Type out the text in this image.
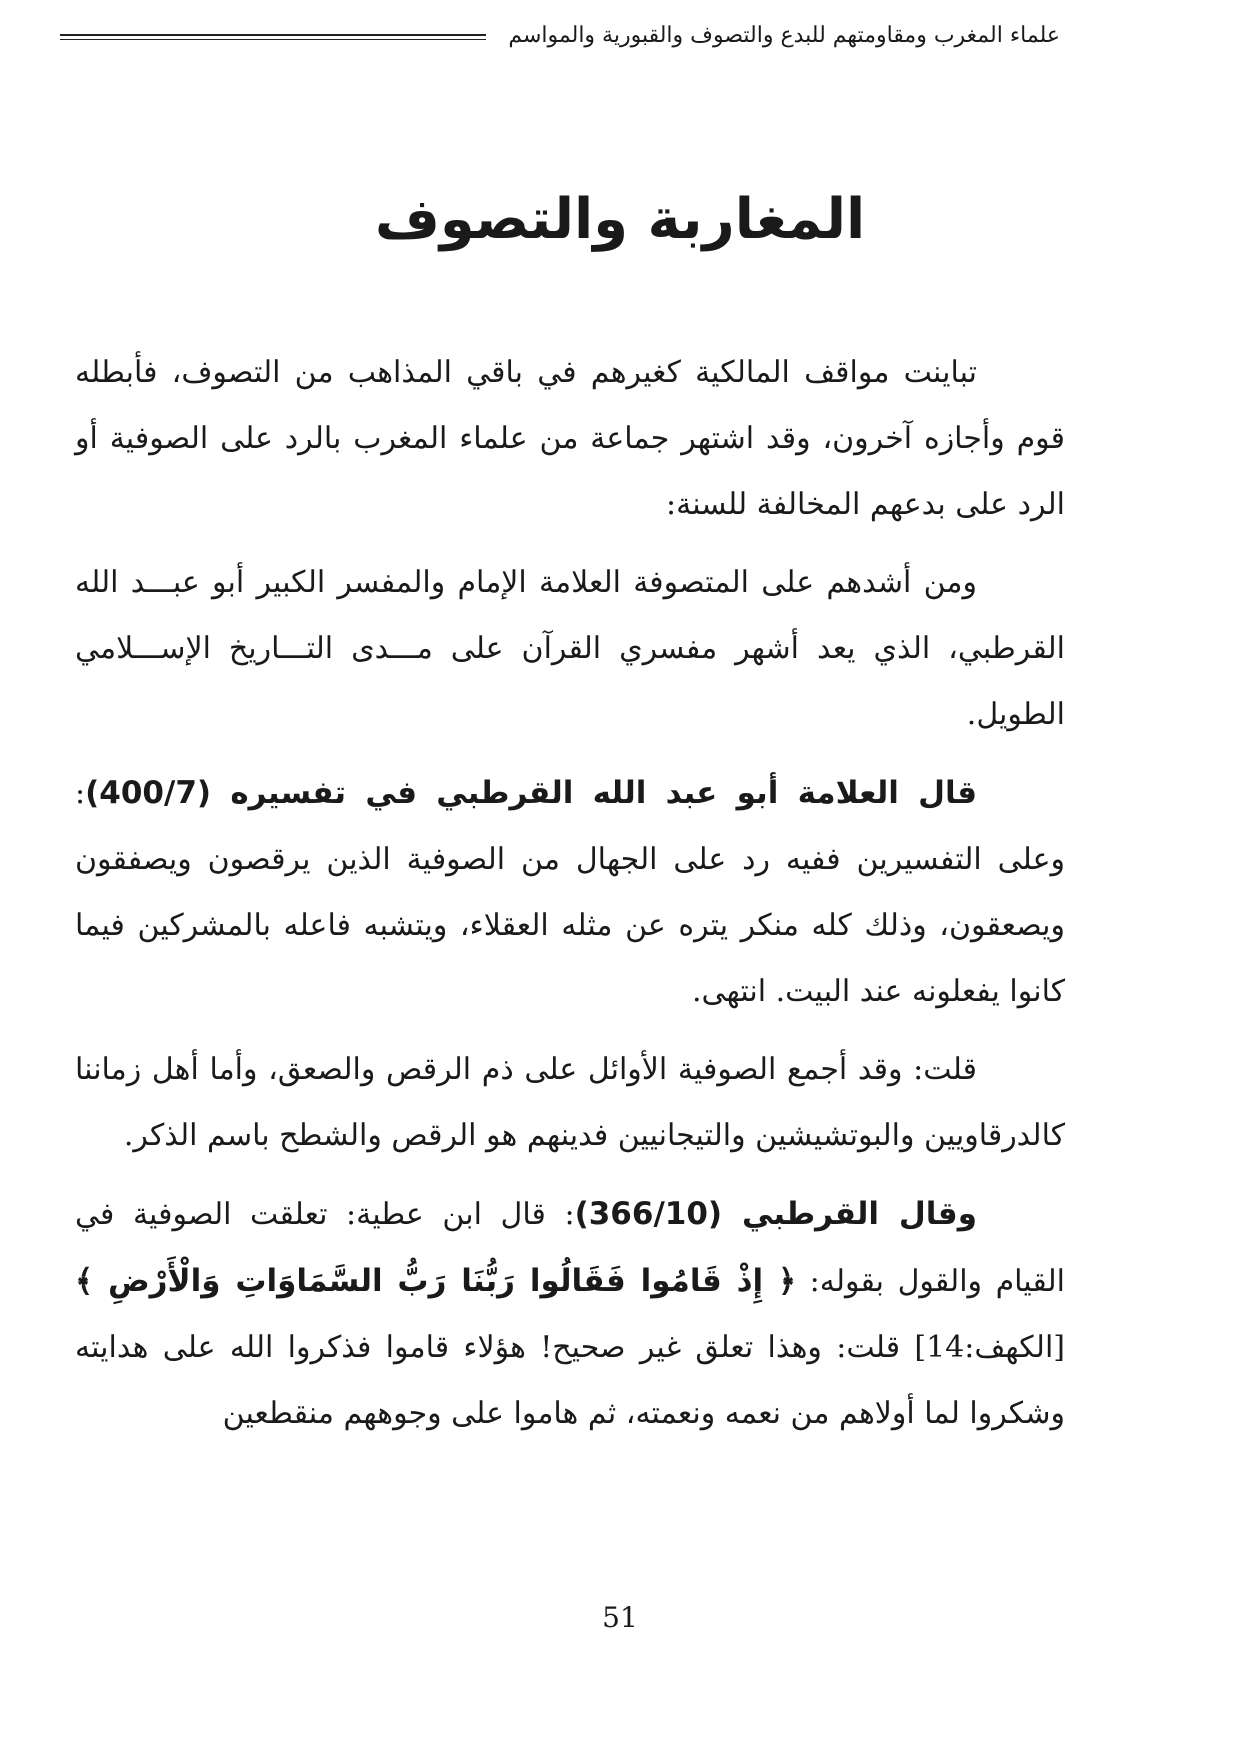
علماء المغرب ومقاومتهم للبدع والتصوف والقبورية والمواسم
المغاربة والتصوف

تباينت مواقف المالكية كغيرهم في باقي المذاهب من التصوف، فأبطله قوم وأجازه آخرون، وقد اشتهر جماعة من علماء المغرب بالرد على الصوفية أو الرد على بدعهم المخالفة للسنة:

ومن أشدهم على المتصوفة العلامة الإمام والمفسر الكبير أبو عبـــد الله القرطبي، الذي يعد أشهر مفسري القرآن على مـــدى التـــاريخ الإســـلامي الطويل.

قال العلامة أبو عبد الله القرطبي في تفسيره (400/7): وعلى التفسيرين ففيه رد على الجهال من الصوفية الذين يرقصون ويصفقون ويصعقون، وذلك كله منكر يتره عن مثله العقلاء، ويتشبه فاعله بالمشركين فيما كانوا يفعلونه عند البيت. انتهى.

قلت: وقد أجمع الصوفية الأوائل على ذم الرقص والصعق، وأما أهل زماننا كالدرقاويين والبوتشيشين والتيجانيين فدينهم هو الرقص والشطح باسم الذكر.

وقال القرطبي (366/10): قال ابن عطية: تعلقت الصوفية في القيام والقول بقوله: ﴿ إِذْ قَامُوا فَقَالُوا رَبُّنَا رَبُّ السَّمَاوَاتِ وَالْأَرْضِ ﴾ [الكهف:14] قلت: وهذا تعلق غير صحيح! هؤلاء قاموا فذكروا الله على هدايته وشكروا لما أولاهم من نعمه ونعمته، ثم هاموا على وجوههم منقطعين

51
